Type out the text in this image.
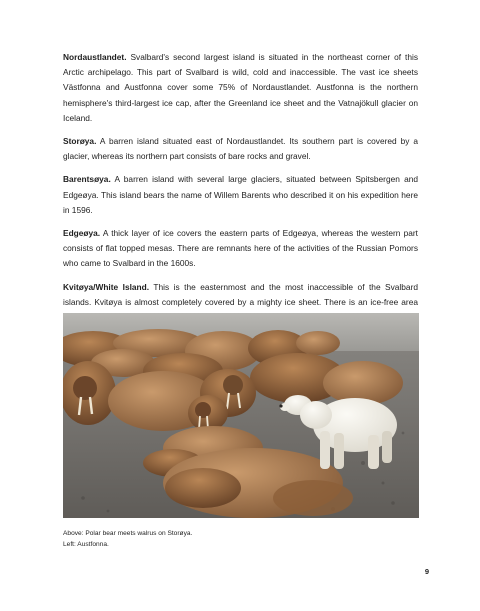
Nordaustlandet. Svalbard's second largest island is situated in the northeast corner of this Arctic archipelago. This part of Svalbard is wild, cold and inaccessible. The vast ice sheets Västfonna and Austfonna cover some 75% of Nordaustlandet. Austfonna is the northern hemisphere's third-largest ice cap, after the Greenland ice sheet and the Vatnajökull glacier on Iceland.

Storøya. A barren island situated east of Nordaustlandet. Its southern part is covered by a glacier, whereas its northern part consists of bare rocks and gravel.

Barentsøya. A barren island with several large glaciers, situated between Spitsbergen and Edgeøya. This island bears the name of Willem Barents who described it on his expedition here in 1596.

Edgeøya. A thick layer of ice covers the eastern parts of Edgeøya, whereas the western part consists of flat topped mesas. There are remnants here of the activities of the Russian Pomors who came to Svalbard in the 1600s.

Kvitøya/White Island. This is the easternmost and the most inaccessible of the Svalbard islands. Kvitøya is almost completely covered by a mighty ice sheet. There is an ice-free area

Above: Polar bear meets walrus on Storøya.
Left: Austfonna.
9
